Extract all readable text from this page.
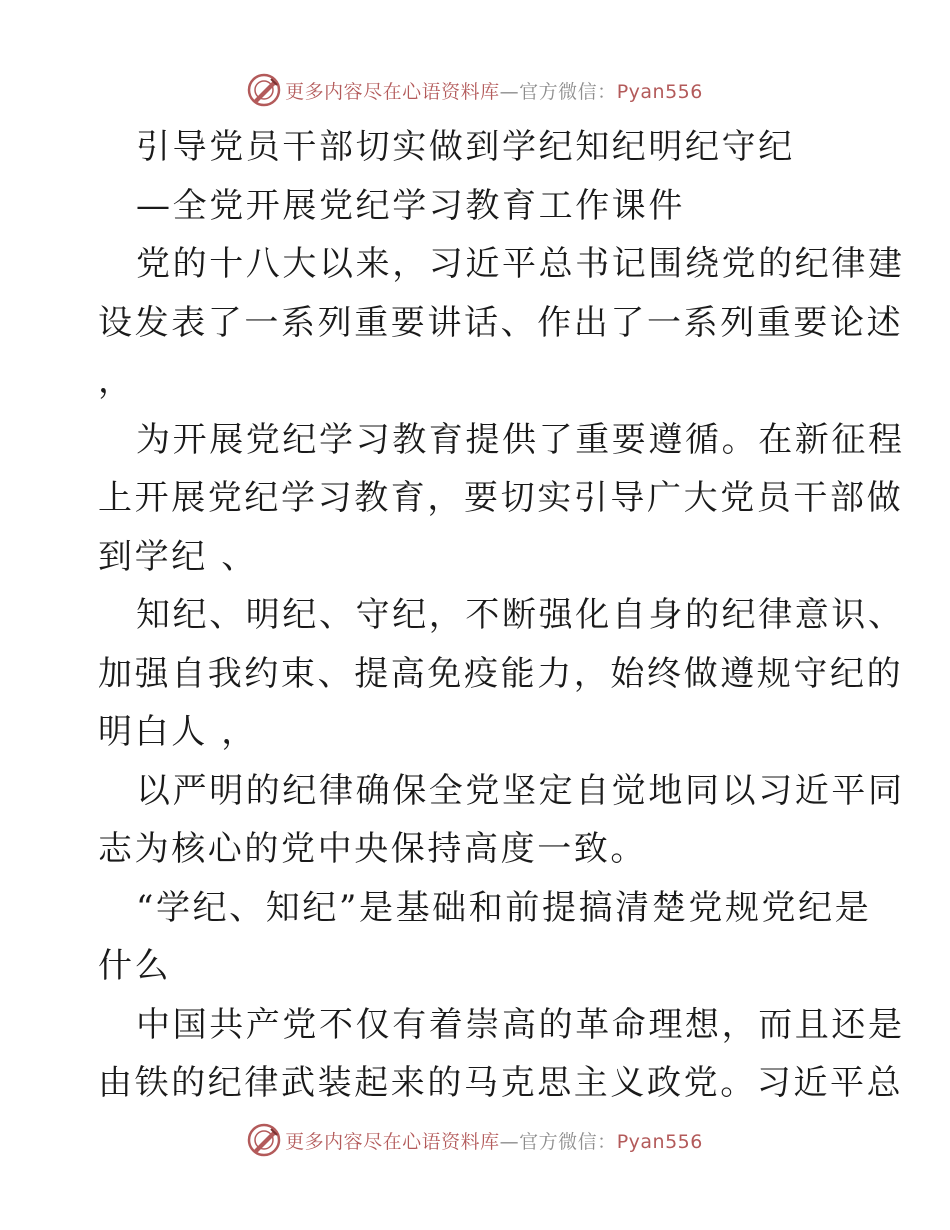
更多内容尽在心语资料库—官方微信：Pyan556
引导党员干部切实做到学纪知纪明纪守纪
—全党开展党纪学习教育工作课件
党的十八大以来，习近平总书记围绕党的纪律建
设发表了一系列重要讲话、作出了一系列重要论述
，
为开展党纪学习教育提供了重要遵循。在新征程
上开展党纪学习教育，要切实引导广大党员干部做
到学纪 、
知纪、明纪、守纪，不断强化自身的纪律意识、
加强自我约束、提高免疫能力，始终做遵规守纪的
明白人 ，
以严明的纪律确保全党坚定自觉地同以习近平同
志为核心的党中央保持高度一致。
“学纪、知纪”是基础和前提搞清楚党规党纪是
什么
中国共产党不仅有着崇高的革命理想，而且还是
由铁的纪律武装起来的马克思主义政党。习近平总
更多内容尽在心语资料库—官方微信：Pyan556
